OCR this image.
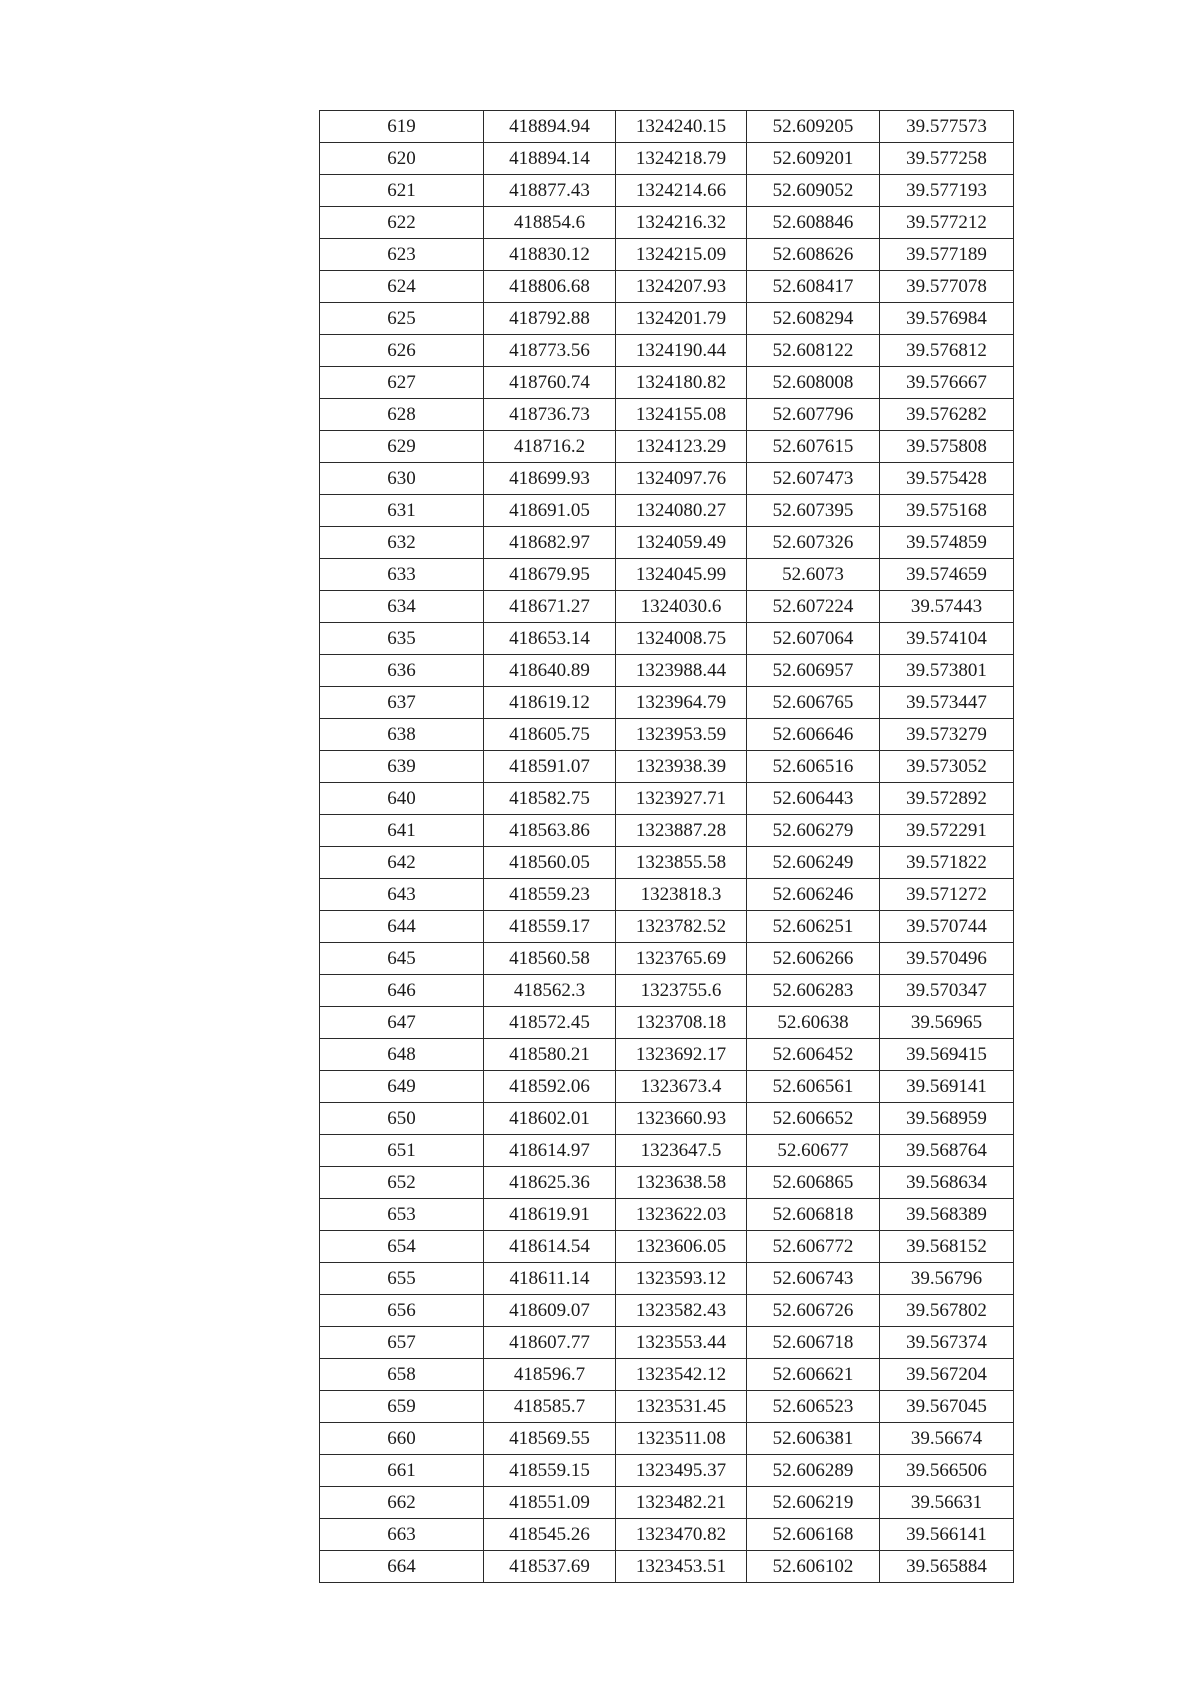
619	418894.94	1324240.15	52.609205	39.577573
620	418894.14	1324218.79	52.609201	39.577258
621	418877.43	1324214.66	52.609052	39.577193
622	418854.6	1324216.32	52.608846	39.577212
623	418830.12	1324215.09	52.608626	39.577189
624	418806.68	1324207.93	52.608417	39.577078
625	418792.88	1324201.79	52.608294	39.576984
626	418773.56	1324190.44	52.608122	39.576812
627	418760.74	1324180.82	52.608008	39.576667
628	418736.73	1324155.08	52.607796	39.576282
629	418716.2	1324123.29	52.607615	39.575808
630	418699.93	1324097.76	52.607473	39.575428
631	418691.05	1324080.27	52.607395	39.575168
632	418682.97	1324059.49	52.607326	39.574859
633	418679.95	1324045.99	52.6073	39.574659
634	418671.27	1324030.6	52.607224	39.57443
635	418653.14	1324008.75	52.607064	39.574104
636	418640.89	1323988.44	52.606957	39.573801
637	418619.12	1323964.79	52.606765	39.573447
638	418605.75	1323953.59	52.606646	39.573279
639	418591.07	1323938.39	52.606516	39.573052
640	418582.75	1323927.71	52.606443	39.572892
641	418563.86	1323887.28	52.606279	39.572291
642	418560.05	1323855.58	52.606249	39.571822
643	418559.23	1323818.3	52.606246	39.571272
644	418559.17	1323782.52	52.606251	39.570744
645	418560.58	1323765.69	52.606266	39.570496
646	418562.3	1323755.6	52.606283	39.570347
647	418572.45	1323708.18	52.60638	39.56965
648	418580.21	1323692.17	52.606452	39.569415
649	418592.06	1323673.4	52.606561	39.569141
650	418602.01	1323660.93	52.606652	39.568959
651	418614.97	1323647.5	52.60677	39.568764
652	418625.36	1323638.58	52.606865	39.568634
653	418619.91	1323622.03	52.606818	39.568389
654	418614.54	1323606.05	52.606772	39.568152
655	418611.14	1323593.12	52.606743	39.56796
656	418609.07	1323582.43	52.606726	39.567802
657	418607.77	1323553.44	52.606718	39.567374
658	418596.7	1323542.12	52.606621	39.567204
659	418585.7	1323531.45	52.606523	39.567045
660	418569.55	1323511.08	52.606381	39.56674
661	418559.15	1323495.37	52.606289	39.566506
662	418551.09	1323482.21	52.606219	39.56631
663	418545.26	1323470.82	52.606168	39.566141
664	418537.69	1323453.51	52.606102	39.565884
